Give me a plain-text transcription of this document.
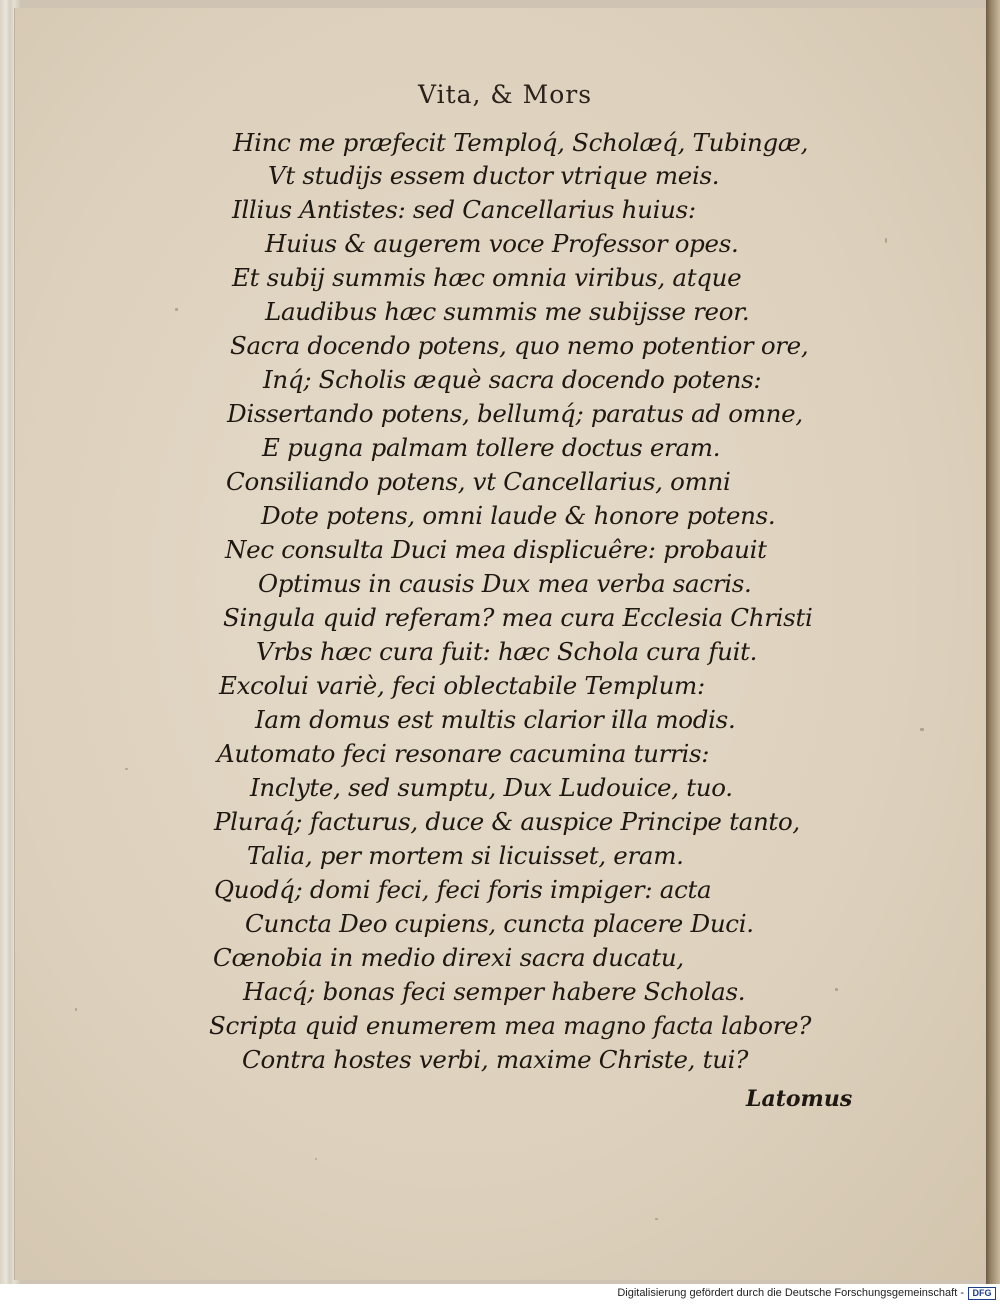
Vita, & Mors
Hinc me præfecit Temploq́, Scholæq́, Tubingæ,
Vt studijs essem ductor vtrique meis.
Illius Antistes: sed Cancellarius huius:
Huius & augerem voce Professor opes.
Et subij summis hæc omnia viribus, atque
Laudibus hæc summis me subijsse reor.
Sacra docendo potens, quo nemo potentior ore,
Inq́; Scholis æquè sacra docendo potens:
Dissertando potens, bellumq́; paratus ad omne,
E pugna palmam tollere doctus eram.
Consiliando potens, vt Cancellarius, omni
Dote potens, omni laude & honore potens.
Nec consulta Duci mea displicuêre: probauit
Optimus in causis Dux mea verba sacris.
Singula quid referam? mea cura Ecclesia Christi
Vrbs hæc cura fuit: hæc Schola cura fuit.
Excolui variè, feci oblectabile Templum:
Iam domus est multis clarior illa modis.
Automato feci resonare cacumina turris:
Inclyte, sed sumptu, Dux Ludouice, tuo.
Pluraq́; facturus, duce & auspice Principe tanto,
Talia, per mortem si licuisset, eram.
Quodq́; domi feci, feci foris impiger: acta
Cuncta Deo cupiens, cuncta placere Duci.
Cœnobia in medio direxi sacra ducatu,
Hacq́; bonas feci semper habere Scholas.
Scripta quid enumerem mea magno facta labore?
Contra hostes verbi, maxime Christe, tui?
Latomus
Digitalisierung gefördert durch die Deutsche Forschungsgemeinschaft - DFG
